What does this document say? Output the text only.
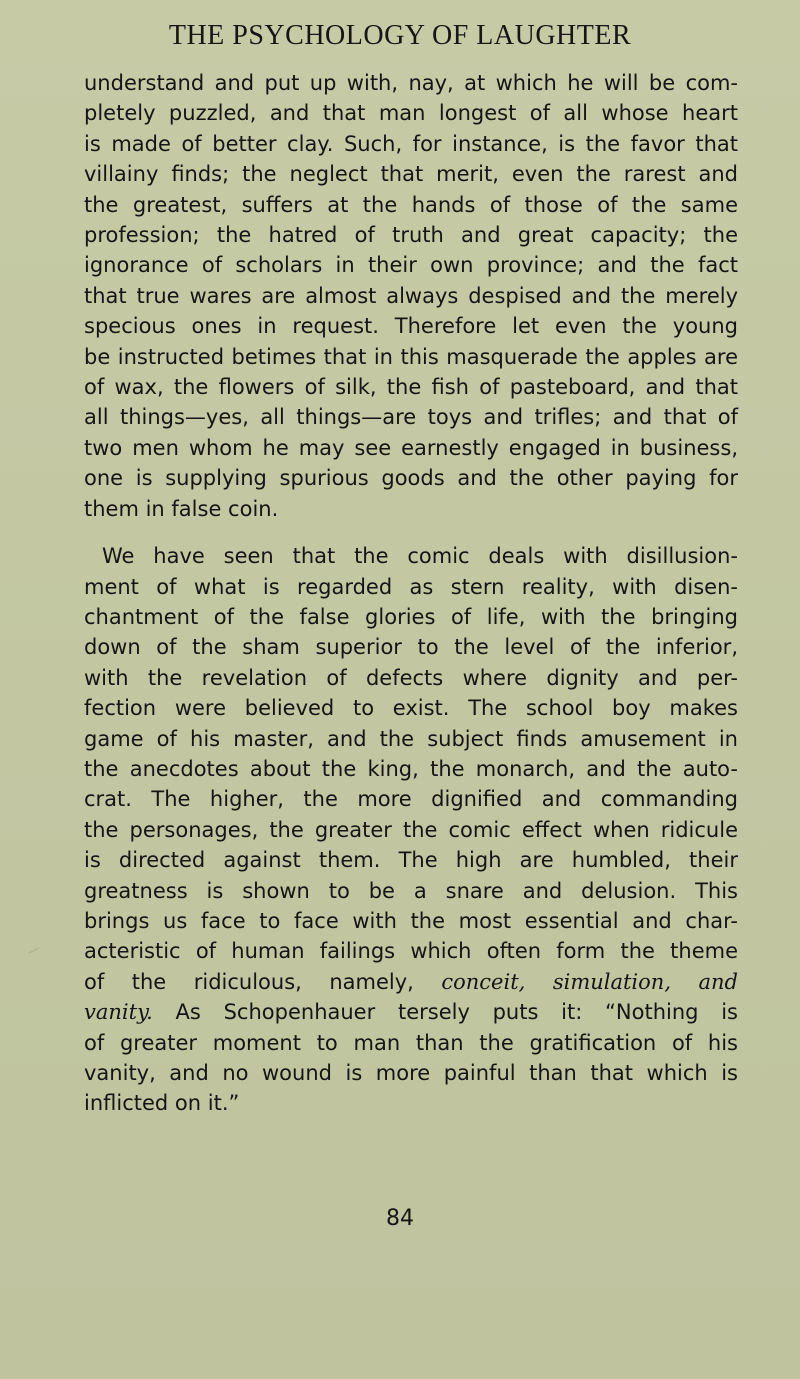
THE PSYCHOLOGY OF LAUGHTER

understand and put up with, nay, at which he will be com-

pletely puzzled, and that man longest of all whose heart

is made of better clay. Such, for instance, is the favor that

villainy finds; the neglect that merit, even the rarest and

the greatest, suffers at the hands of those of the same

profession; the hatred of truth and great capacity; the

ignorance of scholars in their own province; and the fact

that true wares are almost always despised and the merely

specious ones in request. Therefore let even the young

be instructed betimes that in this masquerade the apples are

of wax, the flowers of silk, the fish of pasteboard, and that

all things—yes, all things—are toys and trifles; and that of

two men whom he may see earnestly engaged in business,

one is supplying spurious goods and the other paying for

them in false coin.

We have seen that the comic deals with disillusion-

ment of what is regarded as stern reality, with disen-

chantment of the false glories of life, with the bringing

down of the sham superior to the level of the inferior,

with the revelation of defects where dignity and per-

fection were believed to exist. The school boy makes

game of his master, and the subject finds amusement in

the anecdotes about the king, the monarch, and the auto-

crat. The higher, the more dignified and commanding

the personages, the greater the comic effect when ridicule

is directed against them. The high are humbled, their

greatness is shown to be a snare and delusion. This

brings us face to face with the most essential and char-

acteristic of human failings which often form the theme

of the ridiculous, namely, conceit, simulation, and

vanity. As Schopenhauer tersely puts it: “Nothing is

of greater moment to man than the gratification of his

vanity, and no wound is more painful than that which is

inflicted on it.”

84
